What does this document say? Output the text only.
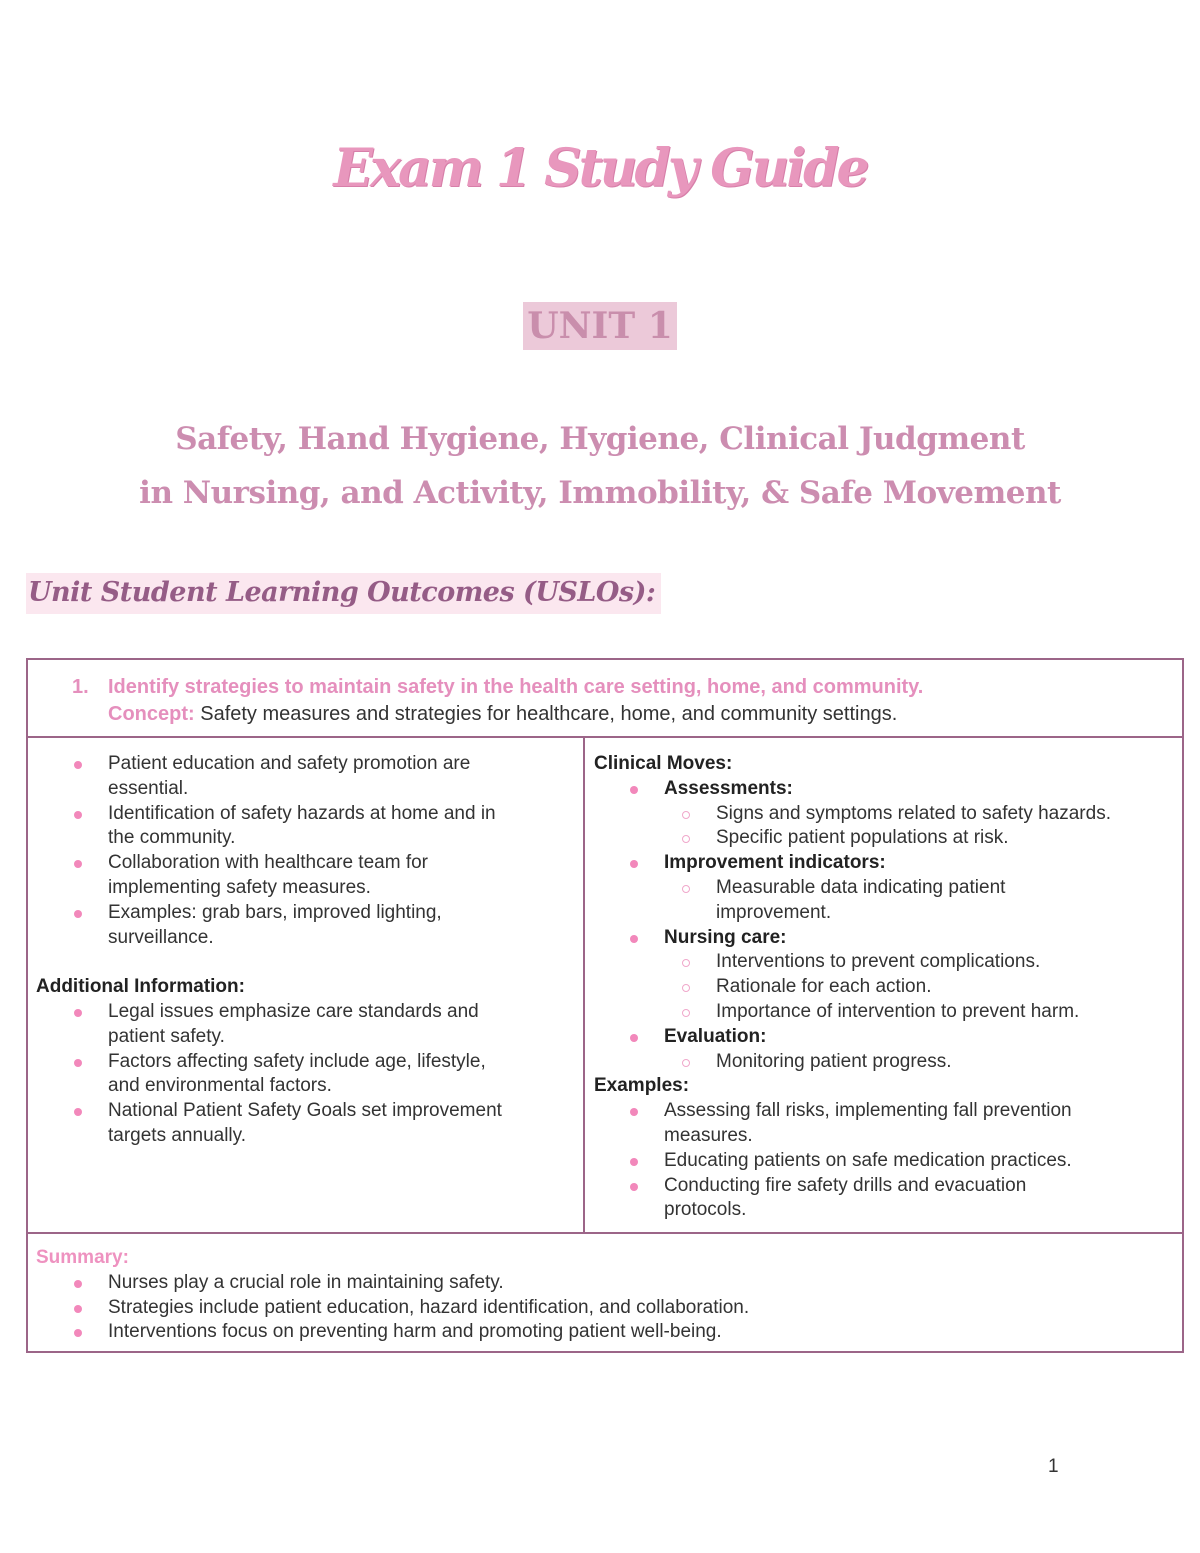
Exam 1 Study Guide
UNIT 1
Safety, Hand Hygiene, Hygiene, Clinical Judgment
in Nursing, and Activity, Immobility, & Safe Movement
Unit Student Learning Outcomes (USLOs):
1. Identify strategies to maintain safety in the health care setting, home, and community.
Concept: Safety measures and strategies for healthcare, home, and community settings.
Patient education and safety promotion are
essential.
Identification of safety hazards at home and in
the community.
Collaboration with healthcare team for
implementing safety measures.
Examples: grab bars, improved lighting,
surveillance.
Additional Information:
Legal issues emphasize care standards and
patient safety.
Factors affecting safety include age, lifestyle,
and environmental factors.
National Patient Safety Goals set improvement
targets annually.
Clinical Moves:
Assessments:
Signs and symptoms related to safety hazards.
Specific patient populations at risk.
Improvement indicators:
Measurable data indicating patient
improvement.
Nursing care:
Interventions to prevent complications.
Rationale for each action.
Importance of intervention to prevent harm.
Evaluation:
Monitoring patient progress.
Examples:
Assessing fall risks, implementing fall prevention
measures.
Educating patients on safe medication practices.
Conducting fire safety drills and evacuation
protocols.
Summary:
Nurses play a crucial role in maintaining safety.
Strategies include patient education, hazard identification, and collaboration.
Interventions focus on preventing harm and promoting patient well-being.
1
